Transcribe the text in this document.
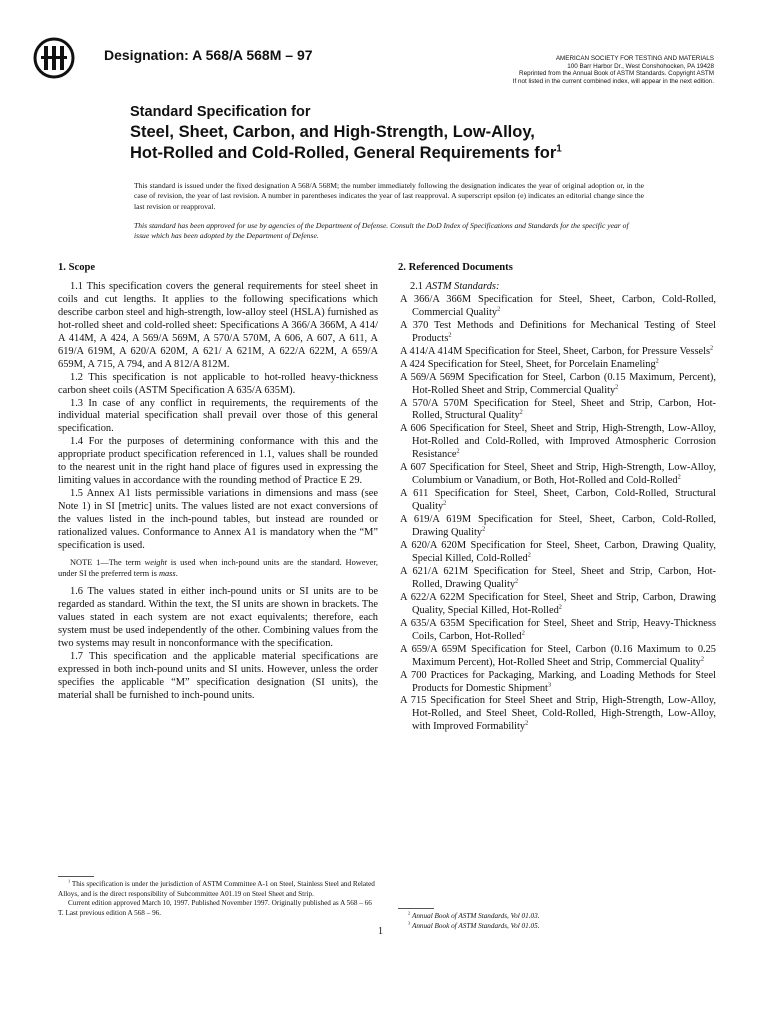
Designation: A 568/A 568M – 97	AMERICAN SOCIETY FOR TESTING AND MATERIALS
100 Barr Harbor Dr., West Conshohocken, PA 19428
Reprinted from the Annual Book of ASTM Standards. Copyright ASTM
If not listed in the current combined index, will appear in the next edition.
Standard Specification for
Steel, Sheet, Carbon, and High-Strength, Low-Alloy,
Hot-Rolled and Cold-Rolled, General Requirements for$^1$
This standard is issued under the fixed designation A 568/A 568M; the number immediately following the designation indicates the year of original adoption or, in the case of revision, the year of last revision. A number in parentheses indicates the year of last reapproval. A superscript epsilon (e) indicates an editorial change since the last revision or reapproval.
This standard has been approved for use by agencies of the Department of Defense. Consult the DoD Index of Specifications and Standards for the specific year of issue which has been adopted by the Department of Defense.
1. Scope

1.1 This specification covers the general requirements for steel sheet in coils and cut lengths. It applies to the following specifications which describe carbon steel and high-strength, low-alloy steel (HSLA) furnished as hot-rolled sheet and cold-rolled sheet: Specifications A 366/A 366M, A 414/ A 414M, A 424, A 569/A 569M, A 570/A 570M, A 606, A 607, A 611, A 619/A 619M, A 620/A 620M, A 621/ A 621M, A 622/A 622M, A 659/A 659M, A 715, A 794, and A 812/A 812M.

1.2 This specification is not applicable to hot-rolled heavy-thickness carbon sheet coils (ASTM Specification A 635/A 635M).

1.3 In case of any conflict in requirements, the requirements of the individual material specification shall prevail over those of this general specification.

1.4 For the purposes of determining conformance with this and the appropriate product specification referenced in 1.1, values shall be rounded to the nearest unit in the right hand place of figures used in expressing the limiting values in accordance with the rounding method of Practice E 29.

1.5 Annex A1 lists permissible variations in dimensions and mass (see Note 1) in SI [metric] units. The values listed are not exact conversions of the values listed in the inch-pound tables, but instead are rounded or rationalized values. Conformance to Annex A1 is mandatory when the “M” specification is used.

NOTE 1—The term weight is used when inch-pound units are the standard. However, under SI the preferred term is mass.

1.6 The values stated in either inch-pound units or SI units are to be regarded as standard. Within the text, the SI units are shown in brackets. The values stated in each system are not exact equivalents; therefore, each system must be used independently of the other. Combining values from the two systems may result in nonconformance with the specification.

1.7 This specification and the applicable material specifications are expressed in both inch-pound units and SI units. However, unless the order specifies the applicable “M” specification designation (SI units), the material shall be furnished to inch-pound units.

2. Referenced Documents

2.1 ASTM Standards:

A 366/A 366M Specification for Steel, Sheet, Carbon, Cold-Rolled, Commercial Quality$^2$

A 370 Test Methods and Definitions for Mechanical Testing of Steel Products$^2$

A 414/A 414M Specification for Steel, Sheet, Carbon, for Pressure Vessels$^2$

A 424 Specification for Steel, Sheet, for Porcelain Enameling$^2$

A 569/A 569M Specification for Steel, Carbon (0.15 Maximum, Percent), Hot-Rolled Sheet and Strip, Commercial Quality$^2$

A 570/A 570M Specification for Steel, Sheet and Strip, Carbon, Hot-Rolled, Structural Quality$^2$

A 606 Specification for Steel, Sheet and Strip, High-Strength, Low-Alloy, Hot-Rolled and Cold-Rolled, with Improved Atmospheric Corrosion Resistance$^2$

A 607 Specification for Steel, Sheet and Strip, High-Strength, Low-Alloy, Columbium or Vanadium, or Both, Hot-Rolled and Cold-Rolled$^2$

A 611 Specification for Steel, Sheet, Carbon, Cold-Rolled, Structural Quality$^2$

A 619/A 619M Specification for Steel, Sheet, Carbon, Cold-Rolled, Drawing Quality$^2$

A 620/A 620M Specification for Steel, Sheet, Carbon, Drawing Quality, Special Killed, Cold-Rolled$^2$

A 621/A 621M Specification for Steel, Sheet and Strip, Carbon, Hot-Rolled, Drawing Quality$^2$

A 622/A 622M Specification for Steel, Sheet and Strip, Carbon, Drawing Quality, Special Killed, Hot-Rolled$^2$

A 635/A 635M Specification for Steel, Sheet and Strip, Heavy-Thickness Coils, Carbon, Hot-Rolled$^2$

A 659/A 659M Specification for Steel, Carbon (0.16 Maximum to 0.25 Maximum Percent), Hot-Rolled Sheet and Strip, Commercial Quality$^2$

A 700 Practices for Packaging, Marking, and Loading Methods for Steel Products for Domestic Shipment$^3$

A 715 Specification for Steel Sheet and Strip, High-Strength, Low-Alloy, Hot-Rolled, and Steel Sheet, Cold-Rolled, High-Strength, Low-Alloy, with Improved Formability$^2$

$^1$ This specification is under the jurisdiction of ASTM Committee A-1 on Steel, Stainless Steel and Related Alloys, and is the direct responsibility of Subcommittee A01.19 on Steel Sheet and Strip.

Current edition approved March 10, 1997. Published November 1997. Originally published as A 568 – 66 T. Last previous edition A 568 – 96.	$^2$ Annual Book of ASTM Standards, Vol 01.03.

$^3$ Annual Book of ASTM Standards, Vol 01.05.

1
